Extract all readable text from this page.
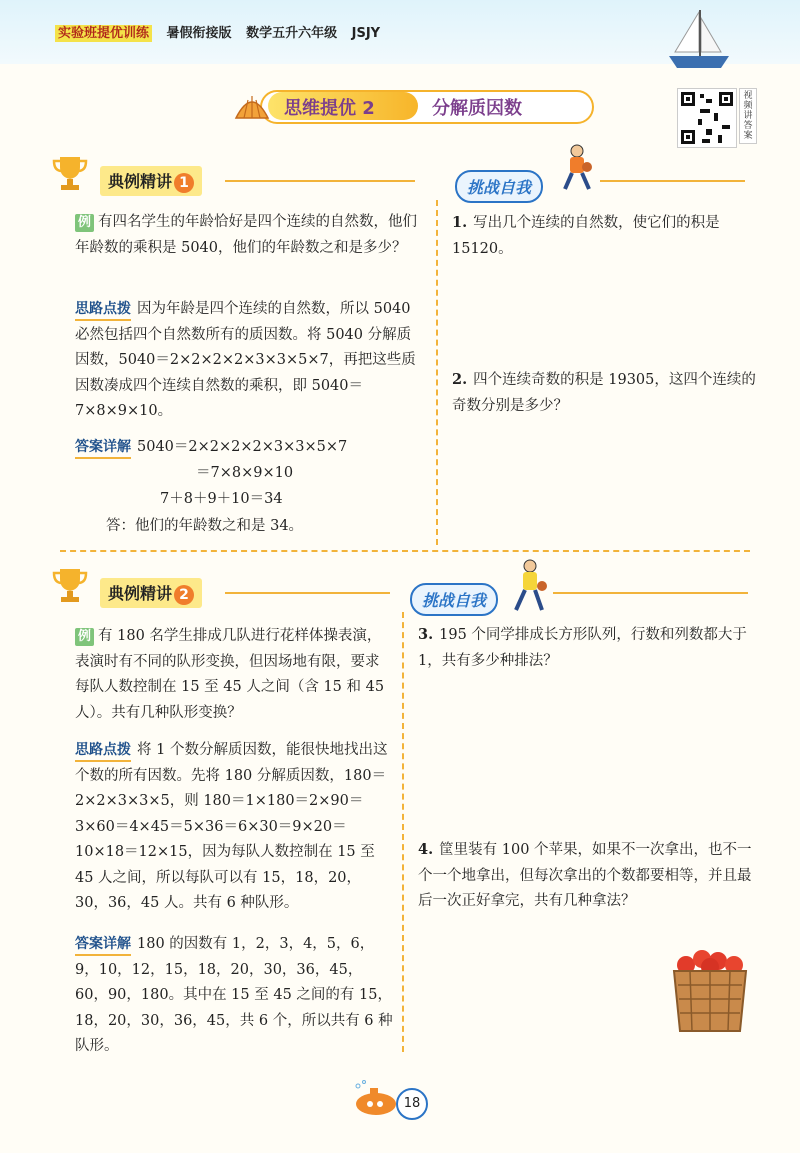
实验班提优训练 暑假衔接版 数学五升六年级 JSJY
思维提优 2	分解质因数
视频讲答案
典例精讲 1	挑战自我
例 有四名学生的年龄恰好是四个连续的自然数，他们年龄数的乘积是 5040，他们的年龄数之和是多少？
思路点拨 因为年龄是四个连续的自然数，所以 5040 必然包括四个自然数所有的质因数。将 5040 分解质因数，5040＝2×2×2×2×3×3×5×7，再把这些质因数凑成四个连续自然数的乘积，即 5040＝7×8×9×10。
答案详解 5040＝2×2×2×2×3×3×5×7
＝7×8×9×10
7＋8＋9＋10＝34
答：他们的年龄数之和是 34。
1. 写出几个连续的自然数，使它们的积是 15120。
2. 四个连续奇数的积是 19305，这四个连续的奇数分别是多少？
典例精讲 2	挑战自我
例 有 180 名学生排成几队进行花样体操表演，表演时有不同的队形变换，但因场地有限，要求每队人数控制在 15 至 45 人之间（含 15 和 45 人）。共有几种队形变换？
思路点拨 将 1 个数分解质因数，能很快地找出这个数的所有因数。先将 180 分解质因数，180＝2×2×3×3×5，则 180＝1×180＝2×90＝3×60＝4×45＝5×36＝6×30＝9×20＝10×18＝12×15，因为每队人数控制在 15 至 45 人之间，所以每队可以有 15，18，20，30，36，45 人。共有 6 种队形。
答案详解 180 的因数有 1，2，3，4，5，6，9，10，12，15，18，20，30，36，45，60，90，180。其中在 15 至 45 之间的有 15，18，20，30，36，45，共 6 个，所以共有 6 种队形。
3. 195 个同学排成长方形队列，行数和列数都大于 1，共有多少种排法？
4. 筐里装有 100 个苹果，如果不一次拿出，也不一个一个地拿出，但每次拿出的个数都要相等，并且最后一次正好拿完，共有几种拿法？
18
